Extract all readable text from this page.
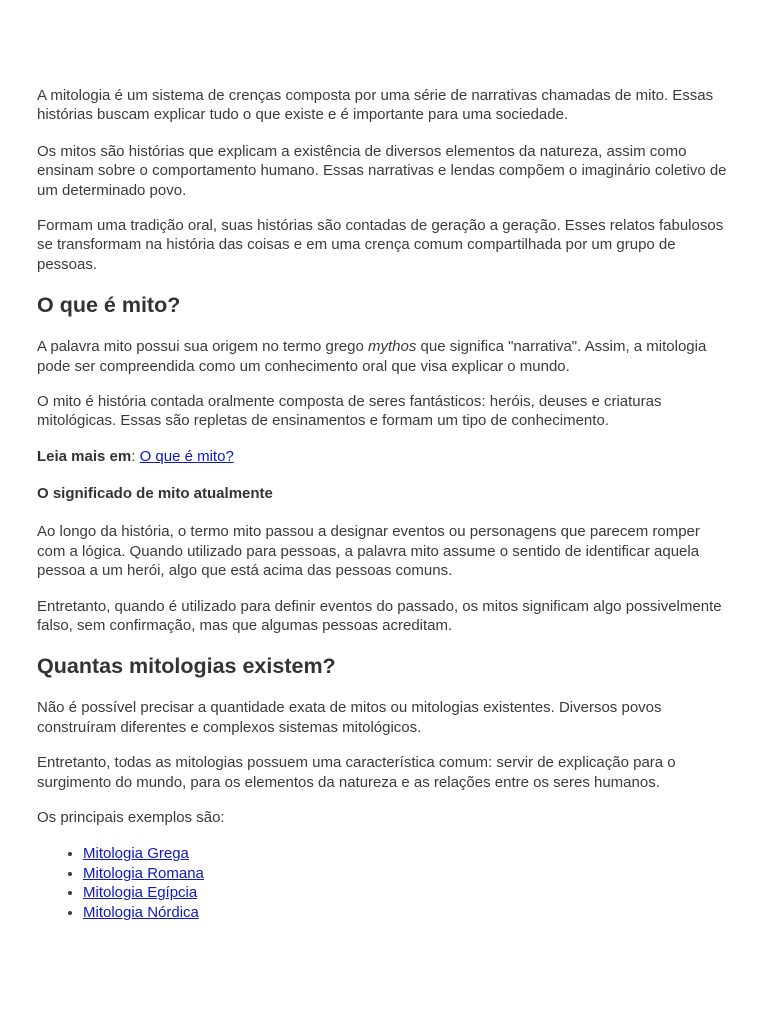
A mitologia é um sistema de crenças composta por uma série de narrativas chamadas de mito. Essas histórias buscam explicar tudo o que existe e é importante para uma sociedade.

Os mitos são histórias que explicam a existência de diversos elementos da natureza, assim como ensinam sobre o comportamento humano. Essas narrativas e lendas compõem o imaginário coletivo de um determinado povo.

Formam uma tradição oral, suas histórias são contadas de geração a geração. Esses relatos fabulosos se transformam na história das coisas e em uma crença comum compartilhada por um grupo de pessoas.

O que é mito?

A palavra mito possui sua origem no termo grego mythos que significa "narrativa". Assim, a mitologia pode ser compreendida como um conhecimento oral que visa explicar o mundo.

O mito é história contada oralmente composta de seres fantásticos: heróis, deuses e criaturas mitológicas. Essas são repletas de ensinamentos e formam um tipo de conhecimento.

Leia mais em: O que é mito?

O significado de mito atualmente

Ao longo da história, o termo mito passou a designar eventos ou personagens que parecem romper com a lógica. Quando utilizado para pessoas, a palavra mito assume o sentido de identificar aquela pessoa a um herói, algo que está acima das pessoas comuns.

Entretanto, quando é utilizado para definir eventos do passado, os mitos significam algo possivelmente falso, sem confirmação, mas que algumas pessoas acreditam.

Quantas mitologias existem?

Não é possível precisar a quantidade exata de mitos ou mitologias existentes. Diversos povos construíram diferentes e complexos sistemas mitológicos.

Entretanto, todas as mitologias possuem uma característica comum: servir de explicação para o surgimento do mundo, para os elementos da natureza e as relações entre os seres humanos.

Os principais exemplos são:

• Mitologia Grega
• Mitologia Romana
• Mitologia Egípcia
• Mitologia Nórdica
